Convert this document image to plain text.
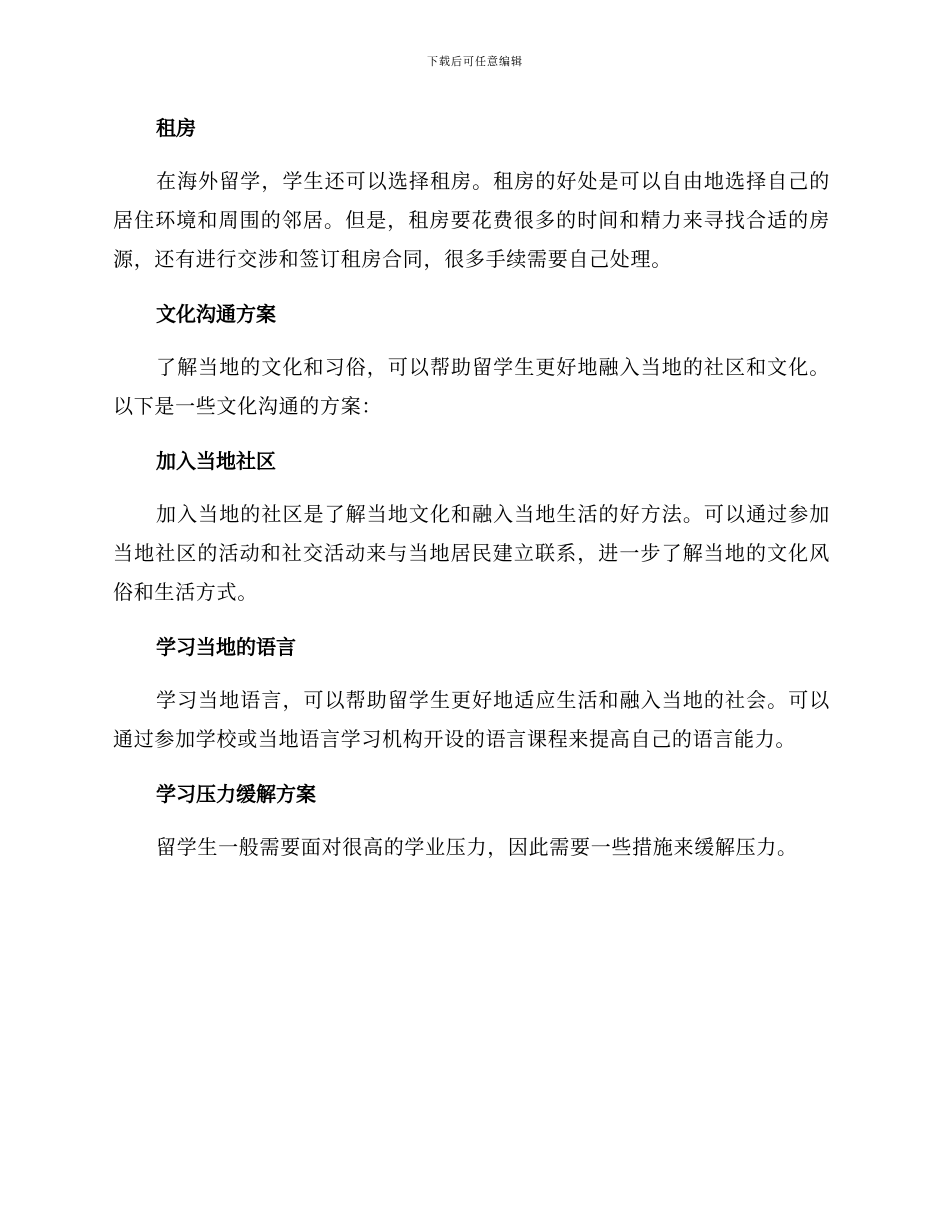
下载后可任意编辑
租房

在海外留学，学生还可以选择租房。租房的好处是可以自由地选择自己的居住环境和周围的邻居。但是，租房要花费很多的时间和精力来寻找合适的房源，还有进行交涉和签订租房合同，很多手续需要自己处理。

文化沟通方案

了解当地的文化和习俗，可以帮助留学生更好地融入当地的社区和文化。以下是一些文化沟通的方案：

加入当地社区

加入当地的社区是了解当地文化和融入当地生活的好方法。可以通过参加当地社区的活动和社交活动来与当地居民建立联系，进一步了解当地的文化风俗和生活方式。

学习当地的语言

学习当地语言，可以帮助留学生更好地适应生活和融入当地的社会。可以通过参加学校或当地语言学习机构开设的语言课程来提高自己的语言能力。

学习压力缓解方案

留学生一般需要面对很高的学业压力，因此需要一些措施来缓解压力。
